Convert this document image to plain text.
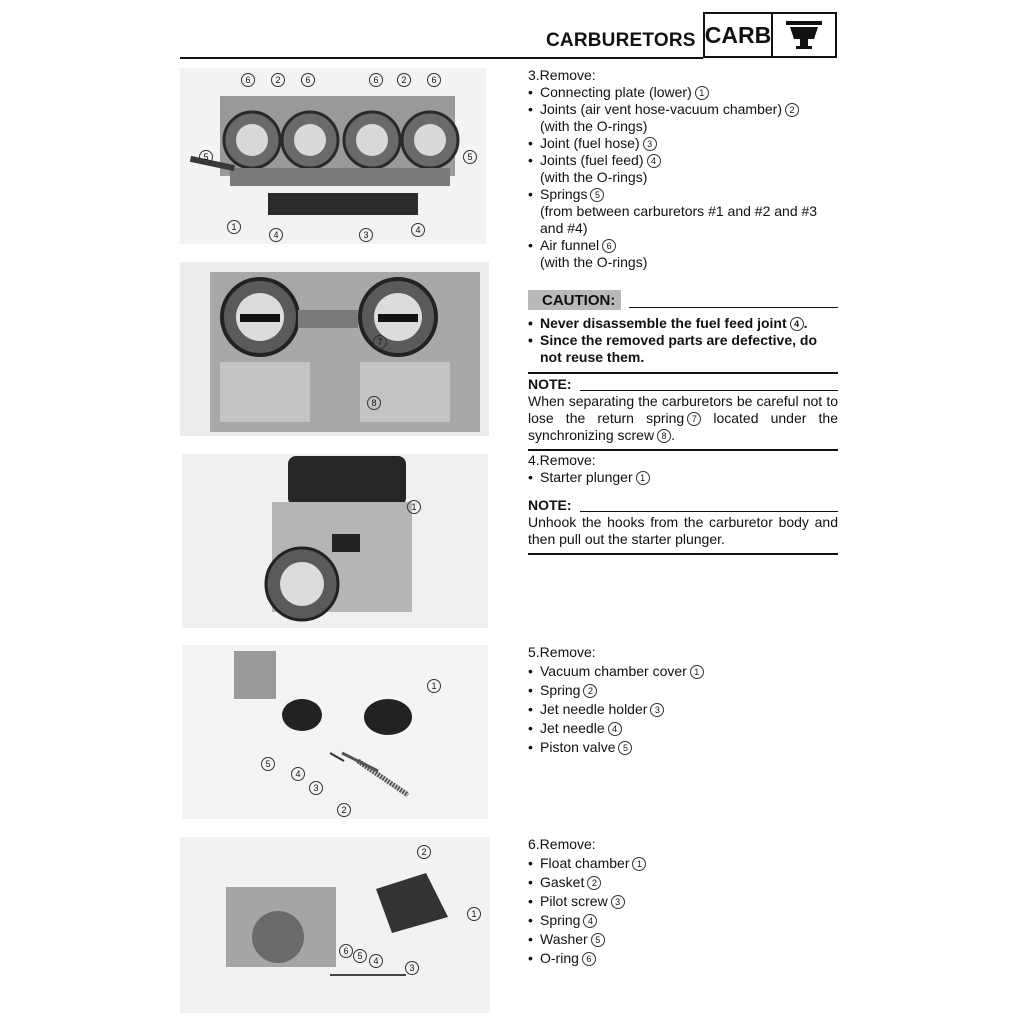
CARBURETORS CARB
6	2	6	6	2	6
5	5
1
4	3	4
7
8
1
1
5
4
3
2
2
1
6 5	4
3

3.Remove:

• Connecting plate (lower) 1
• Joints (air vent hose-vacuum chamber) 2
(with the O-rings)
• Joint (fuel hose) 3
• Joints (fuel feed) 4
(with the O-rings)
• Springs 5
(from between carburetors #1 and #2 and #3 and #4)
• Air funnel 6
(with the O-rings)
CAUTION:
• Never disassemble the fuel feed joint 4 .
• Since the removed parts are defective, do not reuse them.
NOTE:
When separating the carburetors be careful not to lose the return spring 7 located under the synchronizing screw 8 .

4.Remove:

• Starter plunger 1
NOTE:
Unhook the hooks from the carburetor body and then pull out the starter plunger.

5.Remove:

• Vacuum chamber cover 1
• Spring 2
• Jet needle holder 3
• Jet needle 4
• Piston valve 5

6.Remove:

• Float chamber 1
• Gasket 2
• Pilot screw 3
• Spring 4
• Washer 5
• O-ring 6
